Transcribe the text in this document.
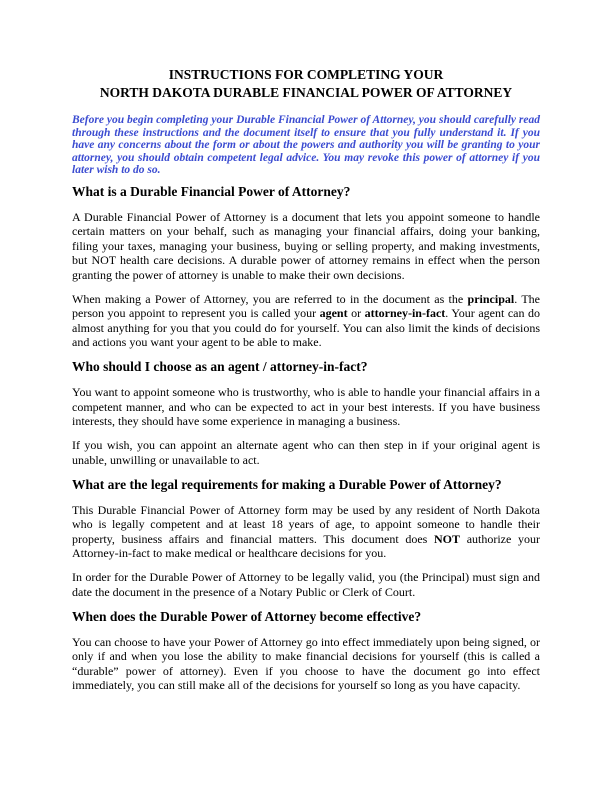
INSTRUCTIONS FOR COMPLETING YOUR
NORTH DAKOTA DURABLE FINANCIAL POWER OF ATTORNEY

Before you begin completing your Durable Financial Power of Attorney, you should carefully read through these instructions and the document itself to ensure that you fully understand it. If you have any concerns about the form or about the powers and authority you will be granting to your attorney, you should obtain competent legal advice. You may revoke this power of attorney if you later wish to do so.

What is a Durable Financial Power of Attorney?

A Durable Financial Power of Attorney is a document that lets you appoint someone to handle certain matters on your behalf, such as managing your financial affairs, doing your banking, filing your taxes, managing your business, buying or selling property, and making investments, but NOT health care decisions. A durable power of attorney remains in effect when the person granting the power of attorney is unable to make their own decisions.

When making a Power of Attorney, you are referred to in the document as the principal. The person you appoint to represent you is called your agent or attorney-in-fact. Your agent can do almost anything for you that you could do for yourself. You can also limit the kinds of decisions and actions you want your agent to be able to make.

Who should I choose as an agent / attorney-in-fact?

You want to appoint someone who is trustworthy, who is able to handle your financial affairs in a competent manner, and who can be expected to act in your best interests. If you have business interests, they should have some experience in managing a business.

If you wish, you can appoint an alternate agent who can then step in if your original agent is unable, unwilling or unavailable to act.

What are the legal requirements for making a Durable Power of Attorney?

This Durable Financial Power of Attorney form may be used by any resident of North Dakota who is legally competent and at least 18 years of age, to appoint someone to handle their property, business affairs and financial matters. This document does NOT authorize your Attorney-in-fact to make medical or healthcare decisions for you.

In order for the Durable Power of Attorney to be legally valid, you (the Principal) must sign and date the document in the presence of a Notary Public or Clerk of Court.

When does the Durable Power of Attorney become effective?

You can choose to have your Power of Attorney go into effect immediately upon being signed, or only if and when you lose the ability to make financial decisions for yourself (this is called a “durable” power of attorney). Even if you choose to have the document go into effect immediately, you can still make all of the decisions for yourself so long as you have capacity.
